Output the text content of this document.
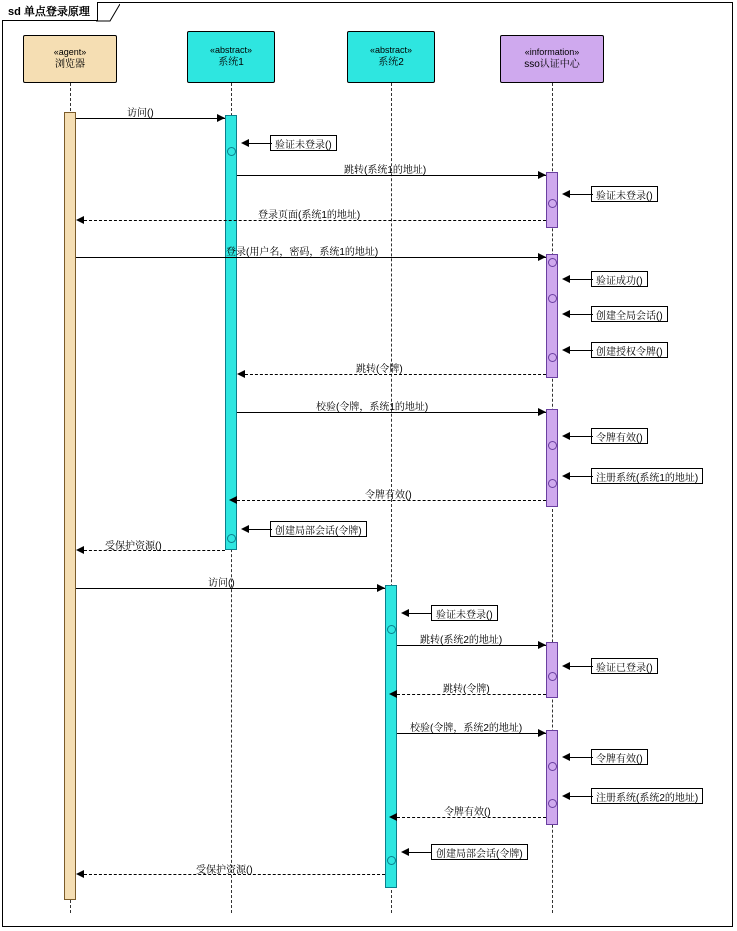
sd 单点登录原理
«agent»
浏览器
«abstract»
系统1
«abstract»
系统2
«information»
sso认证中心
访问()
验证未登录()
跳转(系统1的地址)
验证未登录()
登录页面(系统1的地址)
登录(用户名，密码，系统1的地址)
验证成功()
创建全局会话()
创建授权令牌()
跳转(令牌)
校验(令牌，系统1的地址)
令牌有效()
注册系统(系统1的地址)
令牌有效()
创建局部会话(令牌)
受保护资源()
访问()
验证未登录()
跳转(系统2的地址)
验证已登录()
跳转(令牌)
校验(令牌，系统2的地址)
令牌有效()
注册系统(系统2的地址)
令牌有效()
创建局部会话(令牌)
受保护资源()
